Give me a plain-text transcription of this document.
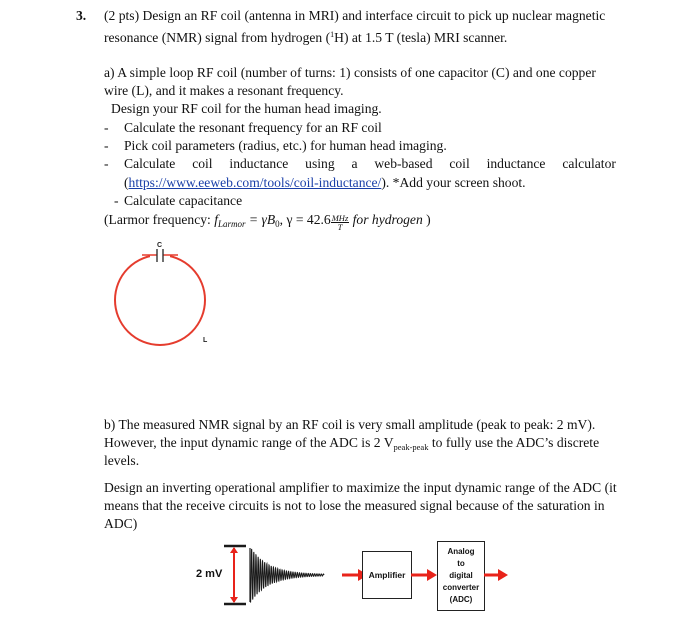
3. (2 pts) Design an RF coil (antenna in MRI) and interface circuit to pick up nuclear magnetic
resonance (NMR) signal from hydrogen ($^1$H) at 1.5 T (tesla) MRI scanner.
a) A simple loop RF coil (number of turns: 1) consists of one capacitor (C) and one copper
wire (L), and it makes a resonant frequency.
Design your RF coil for the human head imaging.
- Calculate the resonant frequency for an RF coil
- Pick coil parameters (radius, etc.) for human head imaging.
- Calculate coil inductance using a web-based coil inductance calculator
(https://www.eeweb.com/tools/coil-inductance/). *Add your screen shoot.
- Calculate capacitance
(Larmor frequency: $f_{Larmor} = \gamma B_0$, $\gamma = 42.6 \frac{\text{MHz}}{T}$ for hydrogen )
C
L
b) The measured NMR signal by an RF coil is very small amplitude (peak to peak: 2 mV).
However, the input dynamic range of the ADC is 2 $V_{peak-peak}$ to fully use the ADC’s discrete
levels.
Design an inverting operational amplifier to maximize the input dynamic range of the ADC (it
means that the receive circuits is not to lose the measured signal because of the saturation in
ADC)
2 mV	Amplifier
Analog
to
digital
converter
(ADC)
